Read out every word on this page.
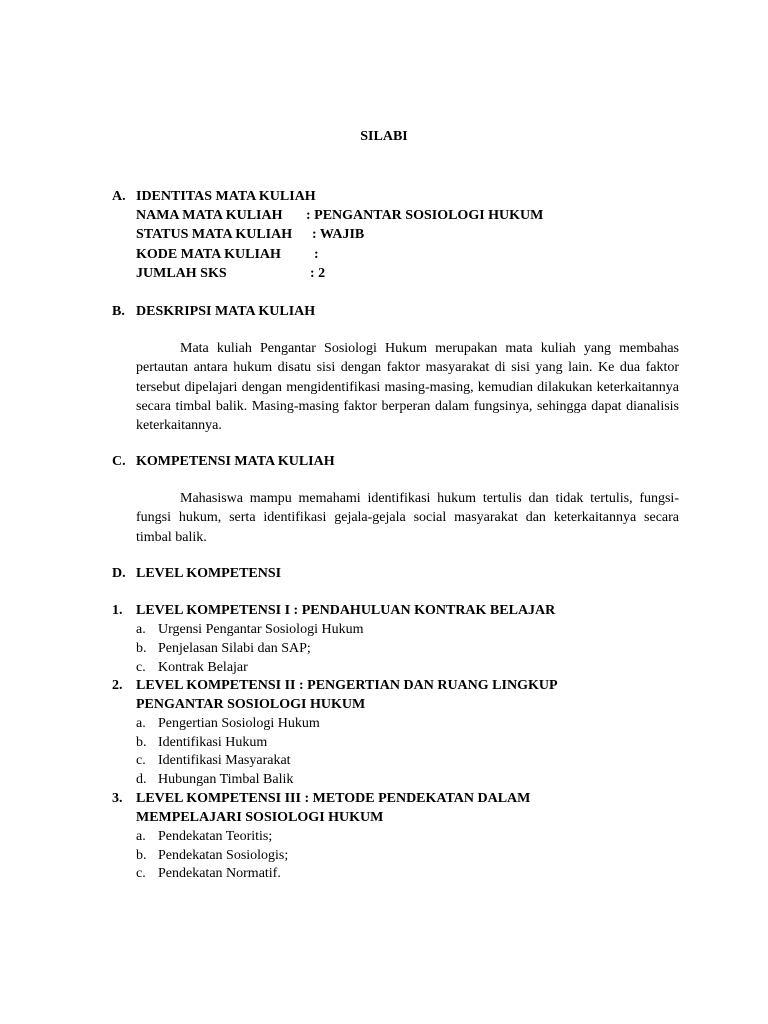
SILABI
A. IDENTITAS MATA KULIAH
NAMA MATA KULIAH : PENGANTAR SOSIOLOGI HUKUM
STATUS MATA KULIAH : WAJIB
KODE MATA KULIAH :
JUMLAH SKS	: 2
B. DESKRIPSI MATA KULIAH

Mata kuliah Pengantar Sosiologi Hukum merupakan mata kuliah yang membahas pertautan antara hukum disatu sisi dengan faktor masyarakat di sisi yang lain. Ke dua faktor tersebut dipelajari dengan mengidentifikasi masing-masing, kemudian dilakukan keterkaitannya secara timbal balik. Masing-masing faktor berperan dalam fungsinya, sehingga dapat dianalisis keterkaitannya.

C. KOMPETENSI MATA KULIAH

Mahasiswa mampu memahami identifikasi hukum tertulis dan tidak tertulis, fungsi-fungsi hukum, serta identifikasi gejala-gejala social masyarakat dan keterkaitannya secara timbal balik.

D. LEVEL KOMPETENSI
1. LEVEL KOMPETENSI I : PENDAHULUAN KONTRAK BELAJAR
a. Urgensi Pengantar Sosiologi Hukum
b. Penjelasan Silabi dan SAP;
c. Kontrak Belajar
2. LEVEL KOMPETENSI II : PENGERTIAN DAN RUANG LINGKUP
PENGANTAR SOSIOLOGI HUKUM
a. Pengertian Sosiologi Hukum
b. Identifikasi Hukum
c. Identifikasi Masyarakat
d. Hubungan Timbal Balik
3. LEVEL KOMPETENSI III : METODE PENDEKATAN DALAM
MEMPELAJARI SOSIOLOGI HUKUM
a. Pendekatan Teoritis;
b. Pendekatan Sosiologis;
c. Pendekatan Normatif.
